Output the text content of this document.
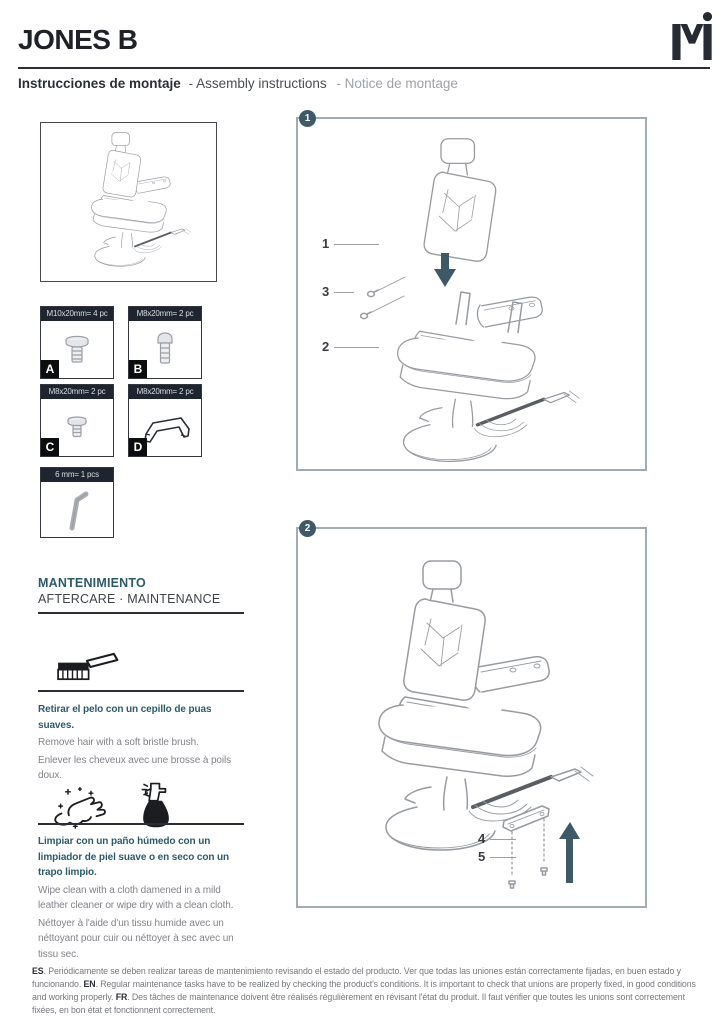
JONES B
Instrucciones de montaje - Assembly instructions - Notice de montage
M10x20mm= 4 pc
A
M8x20mm= 2 pc
B
M8x20mm= 2 pc
C
M8x20mm= 2 pc
D
6 mm= 1 pcs
MANTENIMIENTO
AFTERCARE · MAINTENANCE
Retirar el pelo con un cepillo de puas suaves.
Remove hair with a soft bristle brush.
Enlever les cheveux avec une brosse à poils doux.
Limpiar con un paño húmedo con un limpiador de piel suave o en seco con un trapo limpio.
Wipe clean with a cloth damened in a mild leather cleaner or wipe dry with a clean cloth.
Néttoyer à l'aide d'un tissu humide avec un néttoyant pour cuir ou néttoyer à sec avec un tissu sec.
1
1
3
2
2
4
5
ES. Periódicamente se deben realizar tareas de mantenimiento revisando el estado del producto. Ver que todas las uniones están correctamente fijadas, en buen estado y funcionando. EN. Regular maintenance tasks have to be realized by checking the product's conditions. It is important to check that unions are properly fixed, in good conditions and working properly. FR. Des tâches de maintenance doivent être réalisés régulièrement en révisant l'état du produit. Il faut vérifier que toutes les unions sont correctement fixées, en bon état et fonctionnent correctement.
